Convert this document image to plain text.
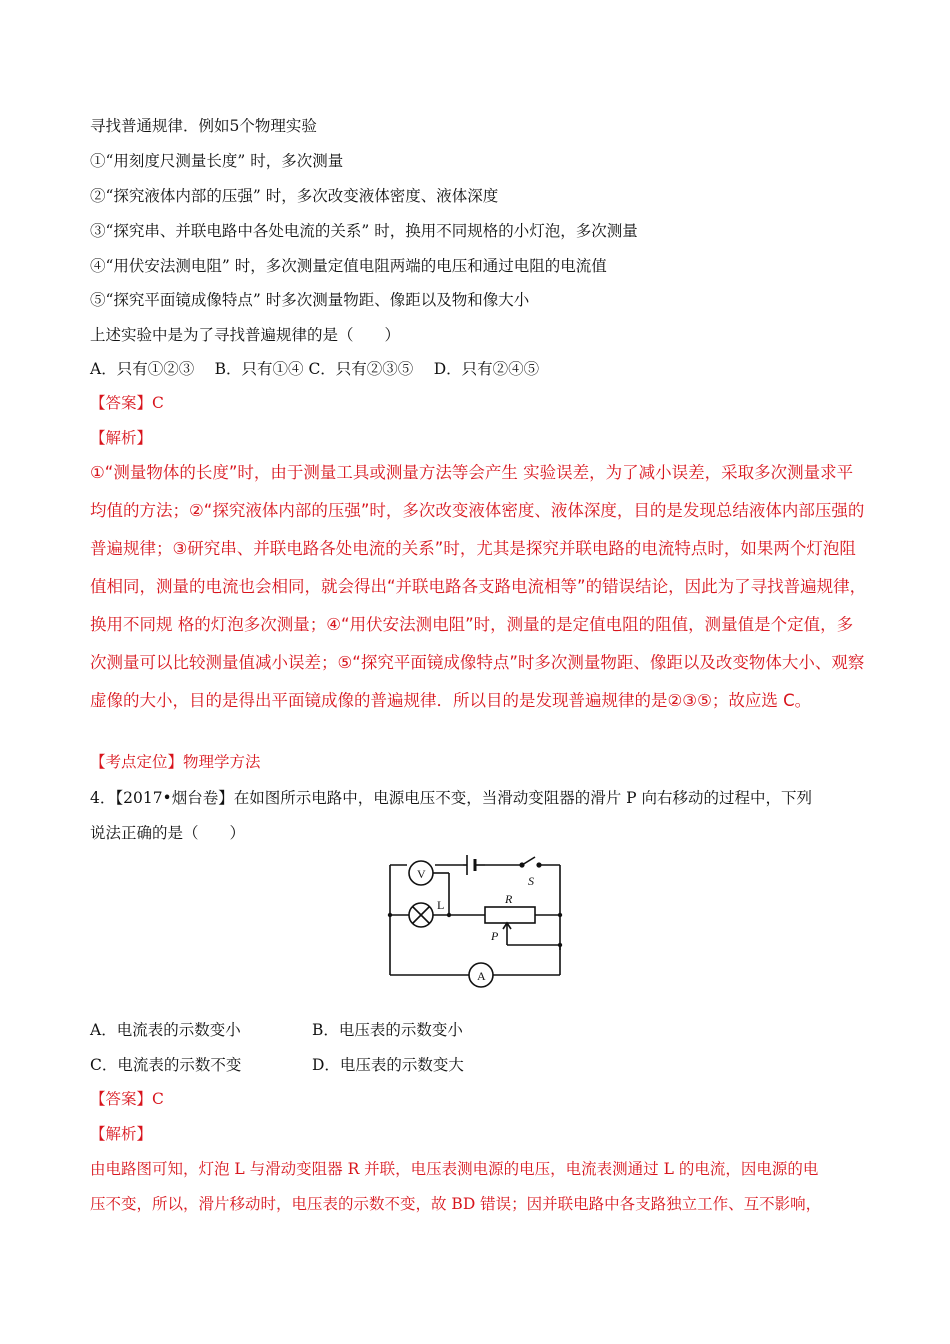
寻找普通规律．例如5个物理实验
①“用刻度尺测量长度” 时，多次测量
②“探究液体内部的压强” 时，多次改变液体密度、液体深度
③“探究串、并联电路中各处电流的关系” 时，换用不同规格的小灯泡，多次测量
④“用伏安法测电阻” 时，多次测量定值电阻两端的电压和通过电阻的电流值
⑤“探究平面镜成像特点” 时多次测量物距、像距以及物和像大小
上述实验中是为了寻找普遍规律的是（　　）
A．只有①②③　 B．只有①④ C．只有②③⑤　 D．只有②④⑤
【答案】C
【解析】
①“测量物体的长度”时，由于测量工具或测量方法等会产生 实验误差，为了减小误差，采取多次测量求平
均值的方法；②“探究液体内部的压强”时，多次改变液体密度、液体深度，目的是发现总结液体内部压强的
普遍规律；③研究串、并联电路各处电流的关系”时，尤其是探究并联电路的电流特点时，如果两个灯泡阻
值相同，测量的电流也会相同，就会得出“并联电路各支路电流相等”的错误结论，因此为了寻找普遍规律，
换用不同规 格的灯泡多次测量；④“用伏安法测电阻”时，测量的是定值电阻的阻值，测量值是个定值，多
次测量可以比较测量值减小误差；⑤“探究平面镜成像特点”时多次测量物距、像距以及改变物体大小、观察
虚像的大小，目的是得出平面镜成像的普遍规律．所以目的是发现普遍规律的是②③⑤；故应选 C。
【考点定位】物理学方法
4．【2017•烟台卷】在如图所示电路中，电源电压不变，当滑动变阻器的滑片 P 向右移动的过程中，下列
说法正确的是（　　）
V
A
L	R
P
S
A．电流表的示数变小	B．电压表的示数变小
C．电流表的示数不变	D．电压表的示数变大
【答案】C
【解析】
由电路图可知，灯泡 L 与滑动变阻器 R 并联，电压表测电源的电压，电流表测通过 L 的电流，因电源的电
压不变，所以，滑片移动时，电压表的示数不变，故 BD 错误；因并联电路中各支路独立工作、互不影响，
